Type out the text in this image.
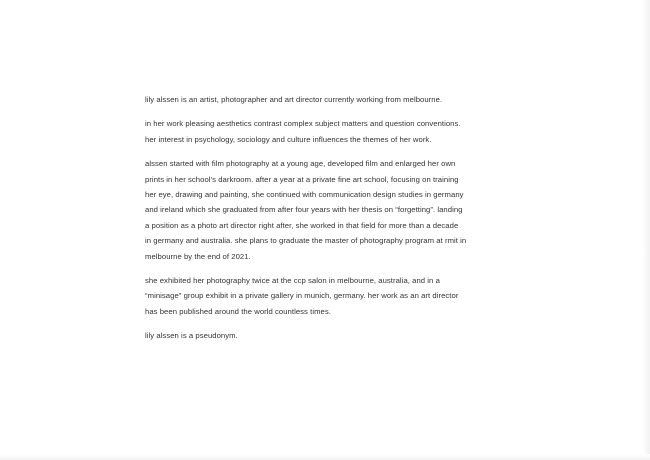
lily alssen is an artist, photographer and art director currently working from melbourne.

in her work pleasing aesthetics contrast complex subject matters and question conventions.
her interest in psychology, sociology and culture influences the themes of her work.

alssen started with film photography at a young age, developed film and enlarged her own
prints in her school’s darkroom. after a year at a private fine art school, focusing on training
her eye, drawing and painting, she continued with communication design studies in germany
and ireland which she graduated from after four years with her thesis on “forgetting”. landing
a position as a photo art director right after, she worked in that field for more than a decade
in germany and australia. she plans to graduate the master of photography program at rmit in
melbourne by the end of 2021.

she exhibited her photography twice at the ccp salon in melbourne, australia, and in a
“minisage” group exhibit in a private gallery in munich, germany. her work as an art director
has been published around the world countless times.

lily alssen is a pseudonym.
